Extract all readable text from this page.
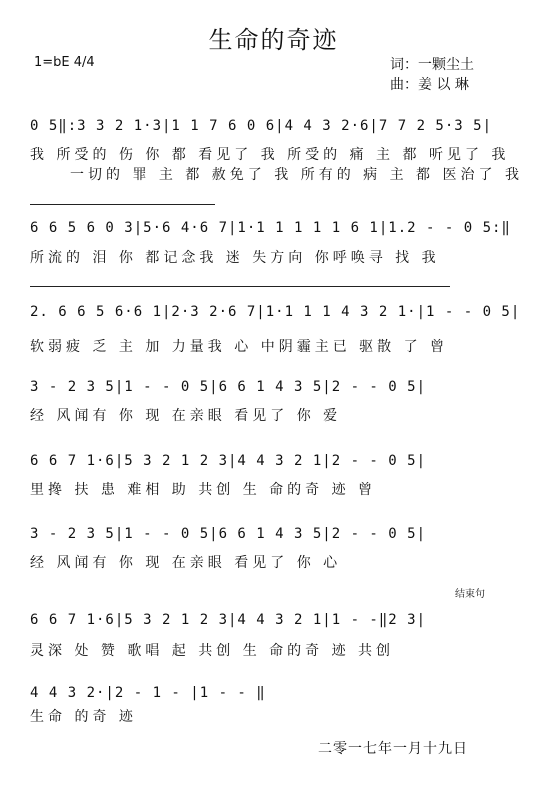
生命的奇迹
1=bE 4/4	词：一颗尘土
曲：姜 以 琳
0 5‖:3 3 2 1·3|1 1 7 6 0 6|4 4 3 2·6|7 7 2 5·3 5|
我 所受的 伤 你 都 看见了 我 所受的 痛 主 都 听见了 我
一切的 罪 主 都 赦免了 我 所有的 病 主 都 医治了 我
6 6 5 6 0 3|5·6 4·6 7|1·1 1 1 1 1 6 1|1.2 - - 0 5:‖
所流的 泪 你 都记念我 迷 失方向 你呼唤寻 找 我
2. 6 6 5 6·6 1|2·3 2·6 7|1·1 1 1 4 3 2 1·|1 - - 0 5|
软弱疲 乏 主 加 力量我 心 中阴霾主已 驱散 了 曾
3 - 2 3 5|1 - - 0 5|6 6 1 4 3 5|2 - - 0 5|
经 风闻有 你 现 在亲眼 看见了 你 爱
6 6 7 1·6|5 3 2 1 2 3|4 4 3 2 1|2 - - 0 5|
里搀 扶 患 难相 助 共创 生 命的奇 迹 曾
3 - 2 3 5|1 - - 0 5|6 6 1 4 3 5|2 - - 0 5|
经 风闻有 你 现 在亲眼 看见了 你 心
结束句
6 6 7 1·6|5 3 2 1 2 3|4 4 3 2 1|1 - -‖2 3|
灵深 处 赞 歌唱 起 共创 生 命的奇 迹 共创
4 4 3 2·|2 - 1 - |1 - - ‖
生命 的奇 迹
二零一七年一月十九日
